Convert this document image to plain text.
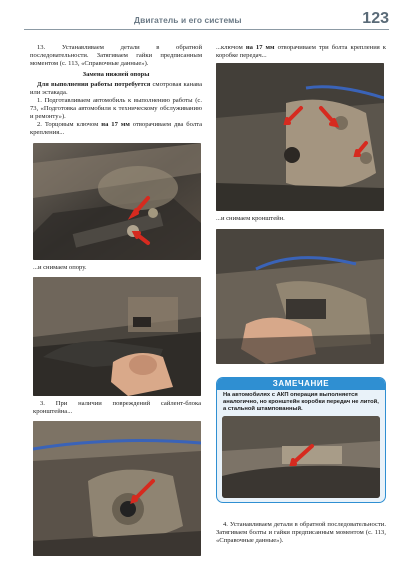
Двигатель и его системы	123

13. Устанавливаем детали в обратной последовательности. Затягиваем гайки предписанным моментом (с. 113, «Справочные данные»).

Замена нижней опоры

Для выполнения работы потребуется смотровая канава или эстакада.

1. Подготавливаем автомобиль к выполнению работы (с. 73, «Подготовка автомобиля к техническому обслуживанию и ремонту»).

2. Торцовым ключом на 17 мм отворачиваем два болта крепления...

...и снимаем опору.

3. При наличии повреждений сайлент-блока кронштейна...

...ключом на 17 мм отворачиваем три болта крепления к коробке передач...

...и снимаем кронштейн.

ЗАМЕЧАНИЕ
На автомобилях с АКП операция выполняется аналогично, но кронштейн коробки передач не литой, а стальной штампованный.

4. Устанавливаем детали в обратной последовательности. Затягиваем болты и гайки предписанным моментом (с. 113, «Справочные данные»).
